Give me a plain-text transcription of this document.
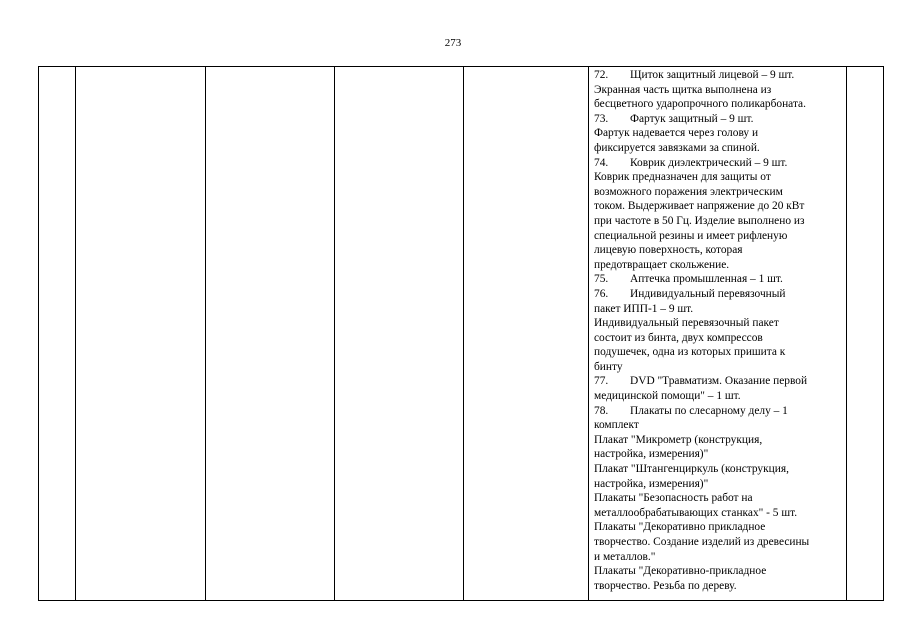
273

72. Щиток защитный лицевой – 9 шт.
Экранная часть щитка выполнена из
бесцветного ударопрочного поликарбоната.
73. Фартук защитный – 9 шт.
Фартук надевается через голову и
фиксируется завязками за спиной.
74. Коврик диэлектрический – 9 шт.
Коврик предназначен для защиты от
возможного поражения электрическим
током. Выдерживает напряжение до 20 кВт
при частоте в 50 Гц. Изделие выполнено из
специальной резины и имеет рифленую
лицевую поверхность, которая
предотвращает скольжение.
75. Аптечка промышленная – 1 шт.
76. Индивидуальный перевязочный
пакет ИПП-1 – 9 шт.
Индивидуальный перевязочный пакет
состоит из бинта, двух компрессов
подушечек, одна из которых пришита к
бинту
77. DVD "Травматизм. Оказание первой
медицинской помощи" – 1 шт.
78. Плакаты по слесарному делу – 1
комплект
Плакат "Микрометр (конструкция,
настройка, измерения)"
Плакат "Штангенциркуль (конструкция,
настройка, измерения)"
Плакаты "Безопасность работ на
металлообрабатывающих станках" - 5 шт.
Плакаты "Декоративно прикладное
творчество. Создание изделий из древесины
и металлов."
Плакаты "Декоративно-прикладное
творчество. Резьба по дереву.
